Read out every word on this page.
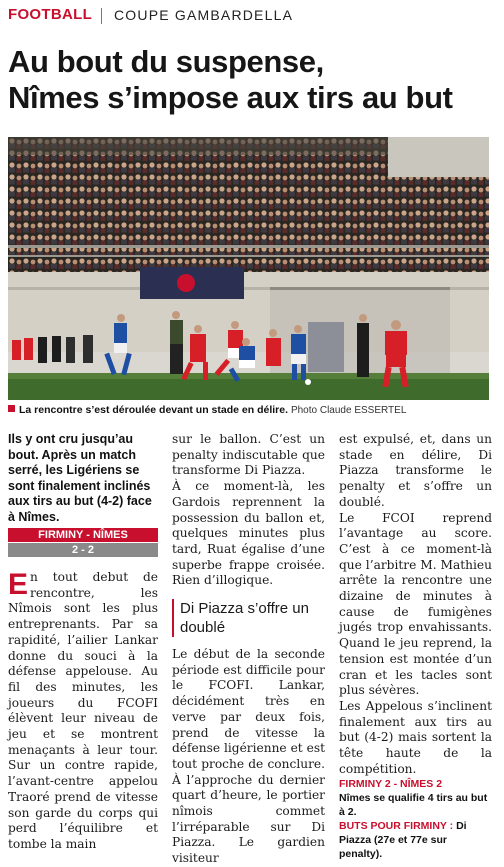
FOOTBALL COUPE GAMBARDELLA
Au bout du suspense,
Nîmes s’impose aux tirs au but
La rencontre s’est déroulée devant un stade en délire. Photo Claude ESSERTEL
Ils y ont cru jusqu’au bout. Après un match serré, les Ligériens se sont finalement inclinés aux tirs au but (4-2) face à Nîmes.
FIRMINY - NÎMES
2 - 2
En tout debut de rencontre, les Nîmois sont les plus entreprenants. Par sa rapidité, l’ailier Lankar donne du souci à la défense appelouse. Au fil des minutes, les joueurs du FCOFI élèvent leur niveau de jeu et se montrent menaçants à leur tour. Sur un contre rapide, l’avant-centre appelou Traoré prend de vitesse son garde du corps qui perd l’équilibre et tombe la main

sur le ballon. C’est un penalty indiscutable que transforme Di Piazza.

À ce moment-là, les Gardois reprennent la possession du ballon et, quelques minutes plus tard, Ruat égalise d’une superbe frappe croisée. Rien d’illogique.

Di Piazza s’offre un doublé

Le début de la seconde période est difficile pour le FCOFI. Lankar, décidément très en verve par deux fois, prend de vitesse la défense ligérienne et est tout proche de conclure. À l’approche du dernier quart d’heure, le portier nîmois commet l’irréparable sur Di Piazza. Le gardien visiteur

est expulsé, et, dans un stade en délire, Di Piazza transforme le penalty et s’offre un doublé.

Le FCOI reprend l’avantage au score. C’est à ce moment-là que l’arbitre M. Mathieu arrête la rencontre une dizaine de minutes à cause de fumigènes jugés trop envahissants. Quand le jeu reprend, la tension est montée d’un cran et les tacles sont plus sévères.

Les Appelous s’inclinent finalement aux tirs au but (4-2) mais sortent la tête haute de la compétition.

FIRMINY 2 - NÎMES 2
Nîmes se qualifie 4 tirs au but à 2.
BUTS POUR FIRMINY : Di Piazza (27e et 77e sur penalty).
